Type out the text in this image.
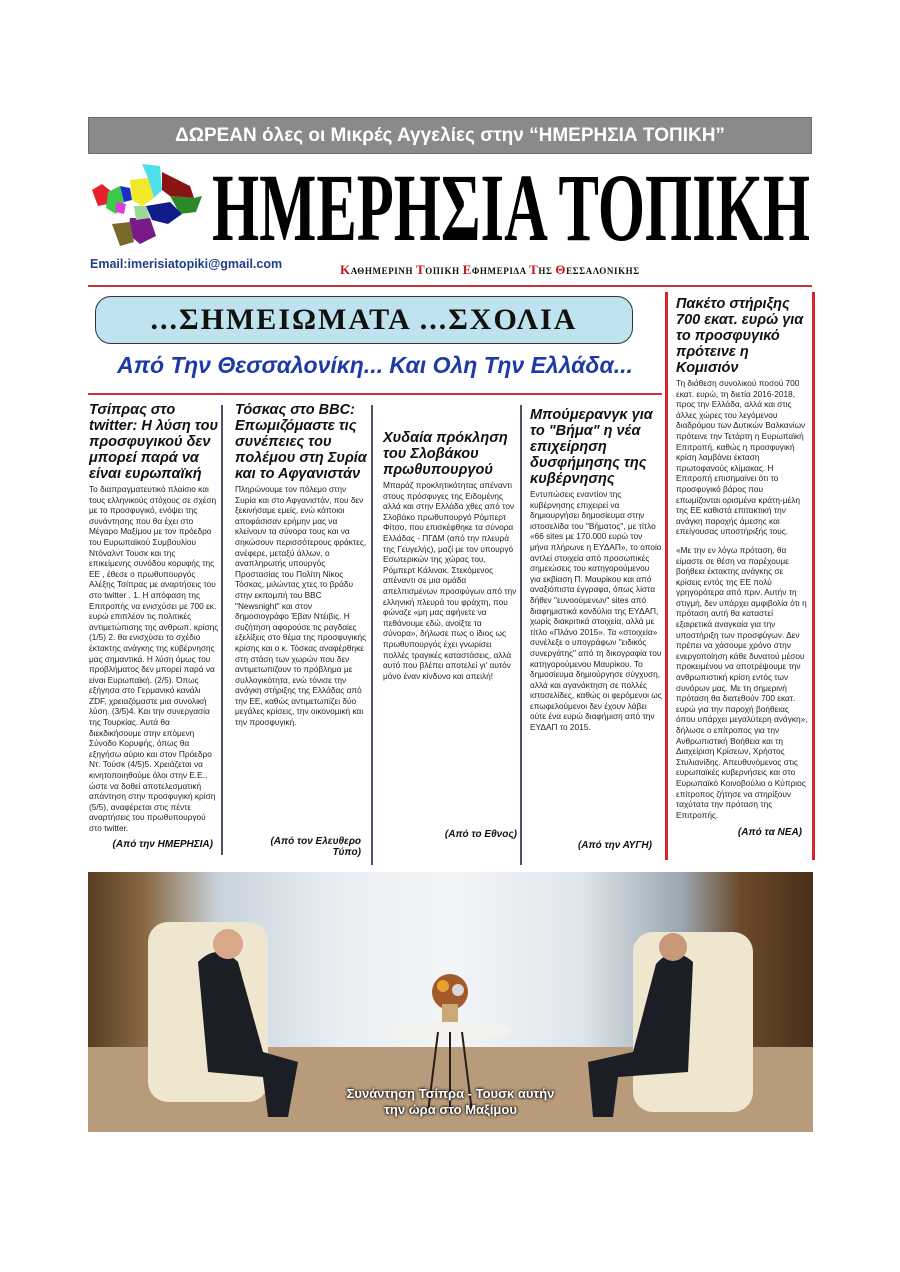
ΔΩΡΕΑΝ όλες οι Μικρές Αγγελίες στην “ΗΜΕΡΗΣΙΑ ΤΟΠΙΚΗ”
ΗΜΕΡΗΣΙΑ ΤΟΠΙΚΗ
Email:imerisiatopiki@gmail.com	ΚΑΘΗΜΕΡΙΝΗ ΤΟΠΙΚΗ ΕΦΗΜΕΡΙΔΑ ΤΗΣ ΘΕΣΣΑΛΟΝΙΚΗΣ
...ΣΗΜΕΙΩΜΑΤΑ ...ΣΧΟΛΙΑ
Από Την Θεσσαλονίκη... Και Ολη Την Ελλάδα...
Τσίπρας στο twitter: Η λύση του προσφυγικού δεν μπορεί παρά να είναι ευρωπαϊκή

Το διαπραγματευτικό πλαίσιο και τους ελληνικούς στόχους σε σχέση με το προσφυγικό, ενόψει της συνάντησης που θα έχει στο Μέγαρο Μαξίμου με τον πρόεδρο του Ευρωπαϊκού Συμβουλίου Ντόναλντ Τουσκ και της επικείμενης συνόδου κορυφής της ΕΕ , έθεσε ο πρωθυπουργός Αλέξης Τσίπρας με αναρτήσεις του στο twitter . 1. Η απόφαση της Επιτροπής να ενισχύσει με 700 εκ. ευρώ επιπλέον τις πολιτικές αντιμετώπισης της ανθρωπ. κρίσης (1/5) 2. θα ενισχύσει το σχέδιο έκτακτης ανάγκης της κυβέρνησης μας σημαντικά. Η λύση όμως του προβλήματος δεν μπορεί παρά να είναι Ευρωπαϊκή. (2/5). Όπως εξήγησα στο Γερμανικό κανάλι ZDF, χρειαζόμαστε μια συνολική λύση. (3/5)4. Και την συνεργασία της Τουρκίας. Αυτά θα διεκδικήσουμε στην επόμενη Σύνοδο Κορυφής, όπως θα εξηγήσω αύριο και στον Πρόεδρο Ντ. Τούσκ (4/5)5. Χρειάζεται να κινητοποιηθούμε όλοι στην Ε.Ε., ώστε να δοθεί αποτελεσματική απάντηση στην προσφυγική κρίση (5/5), αναφέρεται στις πέντε αναρτήσεις του πρωθυπουργού στο twitter.

(Από την ΗΜΕΡΗΣΙΑ)
Τόσκας στο BBC: Επωμιζόμαστε τις συνέπειες του πολέμου στη Συρία και το Αφγανιστάν

Πληρώνουμε τον πόλεμο στην Συρία και στο Αφγανιστάν, που δεν ξεκινήσαμε εμείς, ενώ κάποιοι αποφάσισαν ερήμην μας να κλείνουν τα σύνορα τους και να σηκώσουν περισσότερους φράκτες, ανέφερε, μεταξύ άλλων, ο αναπληρωτής υπουργός Προστασίας του Πολίτη Νίκος Τόσκας, μιλώντας χτες το βράδυ στην εκπομπή του BBC "Newsnight" και στον δημοσιογράφο Έβαν Ντέιβις. Η συζήτηση αφορούσε τις ραγδαίες εξελίξεις στο θέμα της προσφυγικής κρίσης και ο κ. Τόσκας αναφέρθηκε στη στάση των χωρών που δεν αντιμετωπίζουν το πρόβλημα με συλλογικότητα, ενώ τόνισε την ανάγκη στήριξης της Ελλάδας από την ΕΕ, καθώς αντιμετωπίζει δύο μεγάλες κρίσεις, την οικονομική και την προσφυγική.

(Από τον Ελευθερο Τύπο)
Χυδαία πρόκληση του Σλοβάκου πρωθυπουργού

Μπαράζ προκλητικότητας απέναντι στους πρόσφυγες της Ειδομένης αλλά και στην Ελλάδα χθες από τον Σλοβάκο πρωθυπουργό Ρόμπερτ Φίτσο, που επισκέφθηκε τα σύνορα Ελλάδας - ΠΓΔΜ (από την πλευρά της Γευγελής), μαζί με τον υπουργό Εσωτερικών της χώρας του, Ρόμπερτ Κάλινακ. Στεκόμενος απέναντι σε μια ομάδα απελπισμένων προσφύγων από την ελληνική πλευρά του φράχτη, που φώναζε «μη μας αφήνετε να πεθάνουμε εδώ, ανοίξτε τα σύνορα», δήλωσε πως ο ίδιος ως πρωθυπουργός έχει γνωρίσει πολλές τραγικές καταστάσεις, αλλά αυτό που βλέπει αποτελεί γι' αυτόν μόνο έναν κίνδυνο και απειλή!

(Από το Εθνος)
Μπούμερανγκ για το "Βήμα" η νέα επιχείρηση δυσφήμησης της κυβέρνησης

Εντυπώσεις εναντίον της κυβέρνησης επιχειρεί να δημιουργήσει δημοσίευμα στην ιστοσελίδα του "Βήματος", με τίτλο «66 sites με 170.000 ευρώ τον μήνα πλήρωνε η ΕΥΔΑΠ», το οποίο αντλεί στοιχεία από προσωπικές σημειώσεις του κατηγορούμενου για εκβίαση Π. Μαυρίκου και από αναξιόπιστα έγγραφα, όπως λίστα δήθεν "ευνοούμενων" sites από διαφημιστικά κονδύλια της ΕΥΔΑΠ, χωρίς διακριτικά στοιχεία, αλλά με τίτλο «Πλάνο 2015». Τα «στοιχεία» συνέλεξε ο υπογράφων "ειδικός συνεργάτης" από τη δικογραφία του κατηγορούμενου Μαυρίκου. Το δημοσίευμα δημιούργησε σύγχυση, αλλά και αγανάκτηση σε πολλές ιστοσελίδες, καθώς οι φερόμενοι ως επωφελούμενοι δεν έχουν λάβει ούτε ένα ευρώ διαφήμιση από την ΕΥΔΑΠ το 2015.

(Από την ΑΥΓΗ)
Πακέτο στήριξης 700 εκατ. ευρώ για το προσφυγικό πρότεινε η Κομισιόν

Τη διάθεση συνολικού ποσού 700 εκατ. ευρώ, τη διετία 2016-2018, προς την Ελλάδα, αλλά και στις άλλες χώρες του λεγόμενου διαδρόμου των Δυτικών Βαλκανίων πρότεινε την Τετάρτη η Ευρωπαϊκή Επιτροπή, καθώς η προσφυγική κρίση λαμβάνει έκταση πρωτοφανούς κλίμακας. Η Επιτροπή επισημαίνει ότι το προσφυγικό βάρος που επωμίζονται ορισμένα κράτη-μέλη της ΕΕ καθιστά επιτακτική την ανάγκη παροχής άμεσης και επείγουσας υποστήριξής τους.

«Με την εν λόγω πρόταση, θα είμαστε σε θέση να παρέχουμε βοήθεια έκτακτης ανάγκης σε κρίσεις εντός της ΕΕ πολύ γρηγορότερα από πριν. Αυτήν τη στιγμή, δεν υπάρχει αμφιβολία ότι η πρόταση αυτή θα καταστεί εξαιρετικά αναγκαία για την υποστήριξη των προσφύγων. Δεν πρέπει να χάσουμε χρόνο στην ενεργοποίηση κάθε δυνατού μέσου προκειμένου να αποτρέψουμε την ανθρωπιστική κρίση εντός των συνόρων μας. Με τη σημερινή πρόταση θα διατεθούν 700 εκατ. ευρώ για την παροχή βοήθειας όπου υπάρχει μεγαλύτερη ανάγκη», δήλωσε ο επίτροπος για την Ανθρωπιστική Βοήθεια και τη Διαχείριση Κρίσεων, Χρήστος Στυλιανίδης. Απευθυνόμενος στις ευρωπαϊκές κυβερνήσεις και στο Ευρωπαϊκό Κοινοβούλιο ο Κύπριος επίτροπος ζήτησε να στηρίξουν ταχύτατα την πρόταση της Επιτροπής.

(Από τα ΝΕΑ)
Συνάντηση Τσίπρα - Τουσκ αυτήν
την ώρα στο Μαξίμου
